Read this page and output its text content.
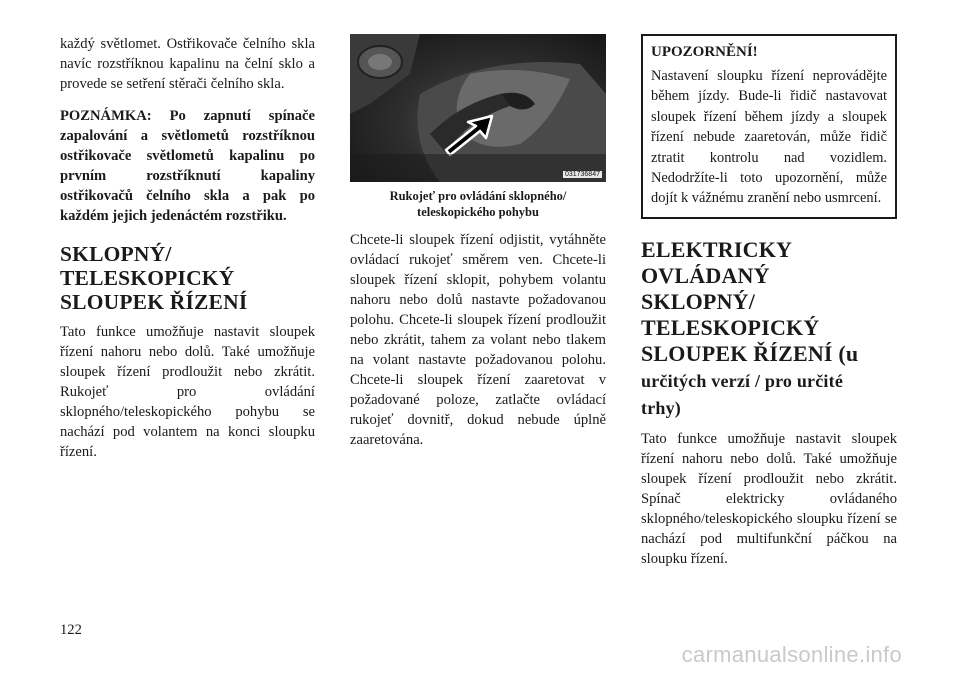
každý světlomet. Ostřikovače čelního skla navíc rozstříknou kapalinu na čelní sklo a provede se setření stěrači čelního skla.

POZNÁMKA: Po zapnutí spínače zapalování a světlometů rozstříknou ostřikovače světlometů kapalinu po prvním rozstříknutí kapaliny ostřikovačů čelního skla a pak po každém jejich jedenáctém rozstřiku.

SKLOPNÝ/
TELESKOPICKÝ
SLOUPEK ŘÍZENÍ

Tato funkce umožňuje nastavit sloupek řízení nahoru nebo dolů. Také umožňuje sloupek řízení prodloužit nebo zkrátit. Rukojeť pro ovládání sklopného/teleskopického pohybu se nachází pod volantem na konci sloupku řízení.

031736847
Rukojeť pro ovládání sklopného/
teleskopického pohybu

Chcete-li sloupek řízení odjistit, vytáhněte ovládací rukojeť směrem ven. Chcete-li sloupek řízení sklopit, pohybem volantu nahoru nebo dolů nastavte požadovanou polohu. Chcete-li sloupek řízení prodloužit nebo zkrátit, tahem za volant nebo tlakem na volant nastavte požadovanou polohu. Chcete-li sloupek řízení zaaretovat v požadované poloze, zatlačte ovládací rukojeť dovnitř, dokud nebude úplně zaaretována.

UPOZORNĚNÍ!

Nastavení sloupku řízení neprovádějte během jízdy. Bude-li řidič nastavovat sloupek řízení během jízdy a sloupek řízení nebude zaaretován, může řidič ztratit kontrolu nad vozidlem. Nedodržíte-li toto upozornění, může dojít k vážnému zranění nebo usmrcení.

ELEKTRICKY
OVLÁDANÝ
SKLOPNÝ/
TELESKOPICKÝ
SLOUPEK ŘÍZENÍ (u
určitých verzí / pro určité
trhy)

Tato funkce umožňuje nastavit sloupek řízení nahoru nebo dolů. Také umožňuje sloupek řízení prodloužit nebo zkrátit. Spínač elektricky ovládaného sklopného/teleskopického sloupku řízení se nachází pod multifunkční páčkou na sloupku řízení.

122
carmanualsonline.info
